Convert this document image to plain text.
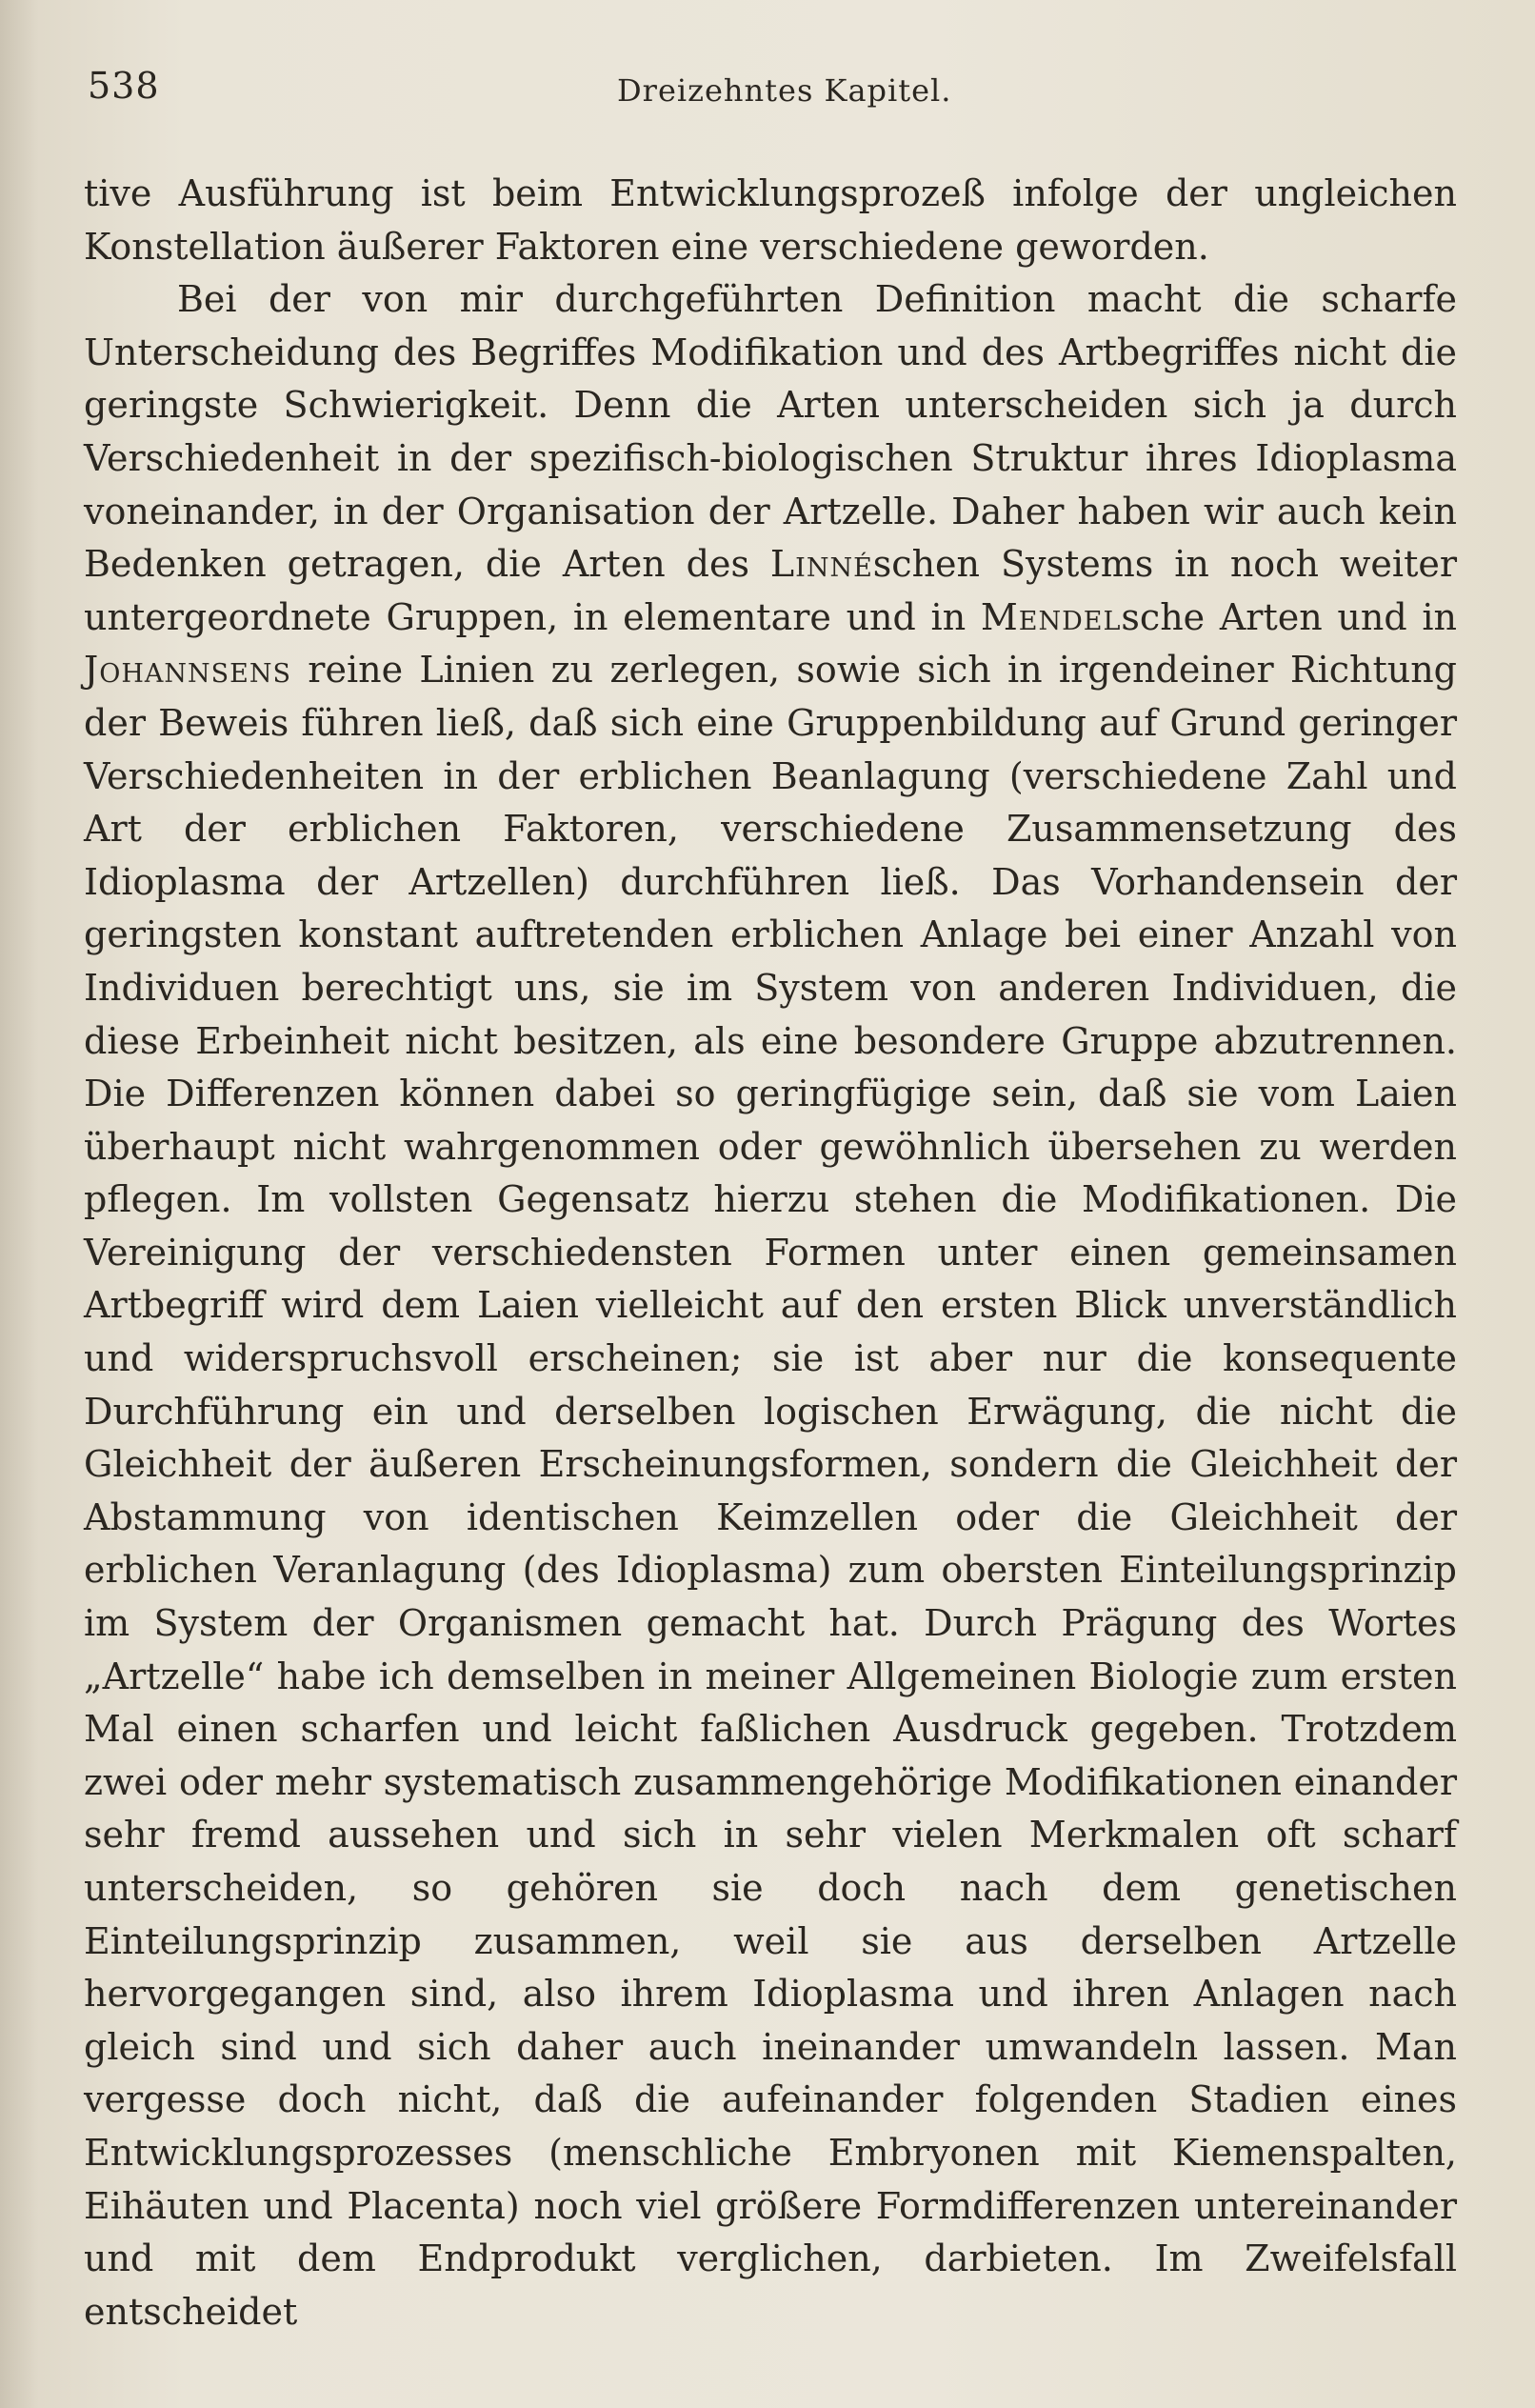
538	Dreizehntes Kapitel.

tive Ausführung ist beim Entwicklungsprozeß infolge der ungleichen Konstellation äußerer Faktoren eine verschiedene geworden.

Bei der von mir durchgeführten Definition macht die scharfe Unterscheidung des Begriffes Modifikation und des Artbegriffes nicht die geringste Schwierigkeit. Denn die Arten unterscheiden sich ja durch Verschiedenheit in der spezifisch-biologischen Struktur ihres Idioplasma voneinander, in der Organisation der Artzelle. Daher haben wir auch kein Bedenken getragen, die Arten des Linnéschen Systems in noch weiter untergeordnete Gruppen, in elementare und in Mendelsche Arten und in Johannsens reine Linien zu zerlegen, sowie sich in irgendeiner Richtung der Beweis führen ließ, daß sich eine Gruppenbildung auf Grund geringer Verschiedenheiten in der erblichen Beanlagung (verschiedene Zahl und Art der erblichen Faktoren, verschiedene Zusammensetzung des Idioplasma der Artzellen) durchführen ließ. Das Vorhandensein der geringsten konstant auftretenden erblichen Anlage bei einer Anzahl von Individuen berechtigt uns, sie im System von anderen Individuen, die diese Erbeinheit nicht besitzen, als eine besondere Gruppe abzutrennen. Die Differenzen können dabei so geringfügige sein, daß sie vom Laien überhaupt nicht wahrgenommen oder gewöhnlich übersehen zu werden pflegen. Im vollsten Gegensatz hierzu stehen die Modifikationen. Die Vereinigung der verschiedensten Formen unter einen gemeinsamen Artbegriff wird dem Laien vielleicht auf den ersten Blick unverständlich und widerspruchsvoll erscheinen; sie ist aber nur die konsequente Durchführung ein und derselben logischen Erwägung, die nicht die Gleichheit der äußeren Erscheinungsformen, sondern die Gleichheit der Abstammung von identischen Keimzellen oder die Gleichheit der erblichen Veranlagung (des Idioplasma) zum obersten Einteilungsprinzip im System der Organismen gemacht hat. Durch Prägung des Wortes „Artzelle“ habe ich demselben in meiner Allgemeinen Biologie zum ersten Mal einen scharfen und leicht faßlichen Ausdruck gegeben. Trotzdem zwei oder mehr systematisch zusammengehörige Modifikationen einander sehr fremd aussehen und sich in sehr vielen Merkmalen oft scharf unterscheiden, so gehören sie doch nach dem genetischen Einteilungsprinzip zusammen, weil sie aus derselben Artzelle hervorgegangen sind, also ihrem Idioplasma und ihren Anlagen nach gleich sind und sich daher auch ineinander umwandeln lassen. Man vergesse doch nicht, daß die aufeinander folgenden Stadien eines Entwicklungsprozesses (menschliche Embryonen mit Kiemenspalten, Eihäuten und Placenta) noch viel größere Formdifferenzen untereinander und mit dem Endprodukt verglichen, darbieten. Im Zweifelsfall entscheidet
